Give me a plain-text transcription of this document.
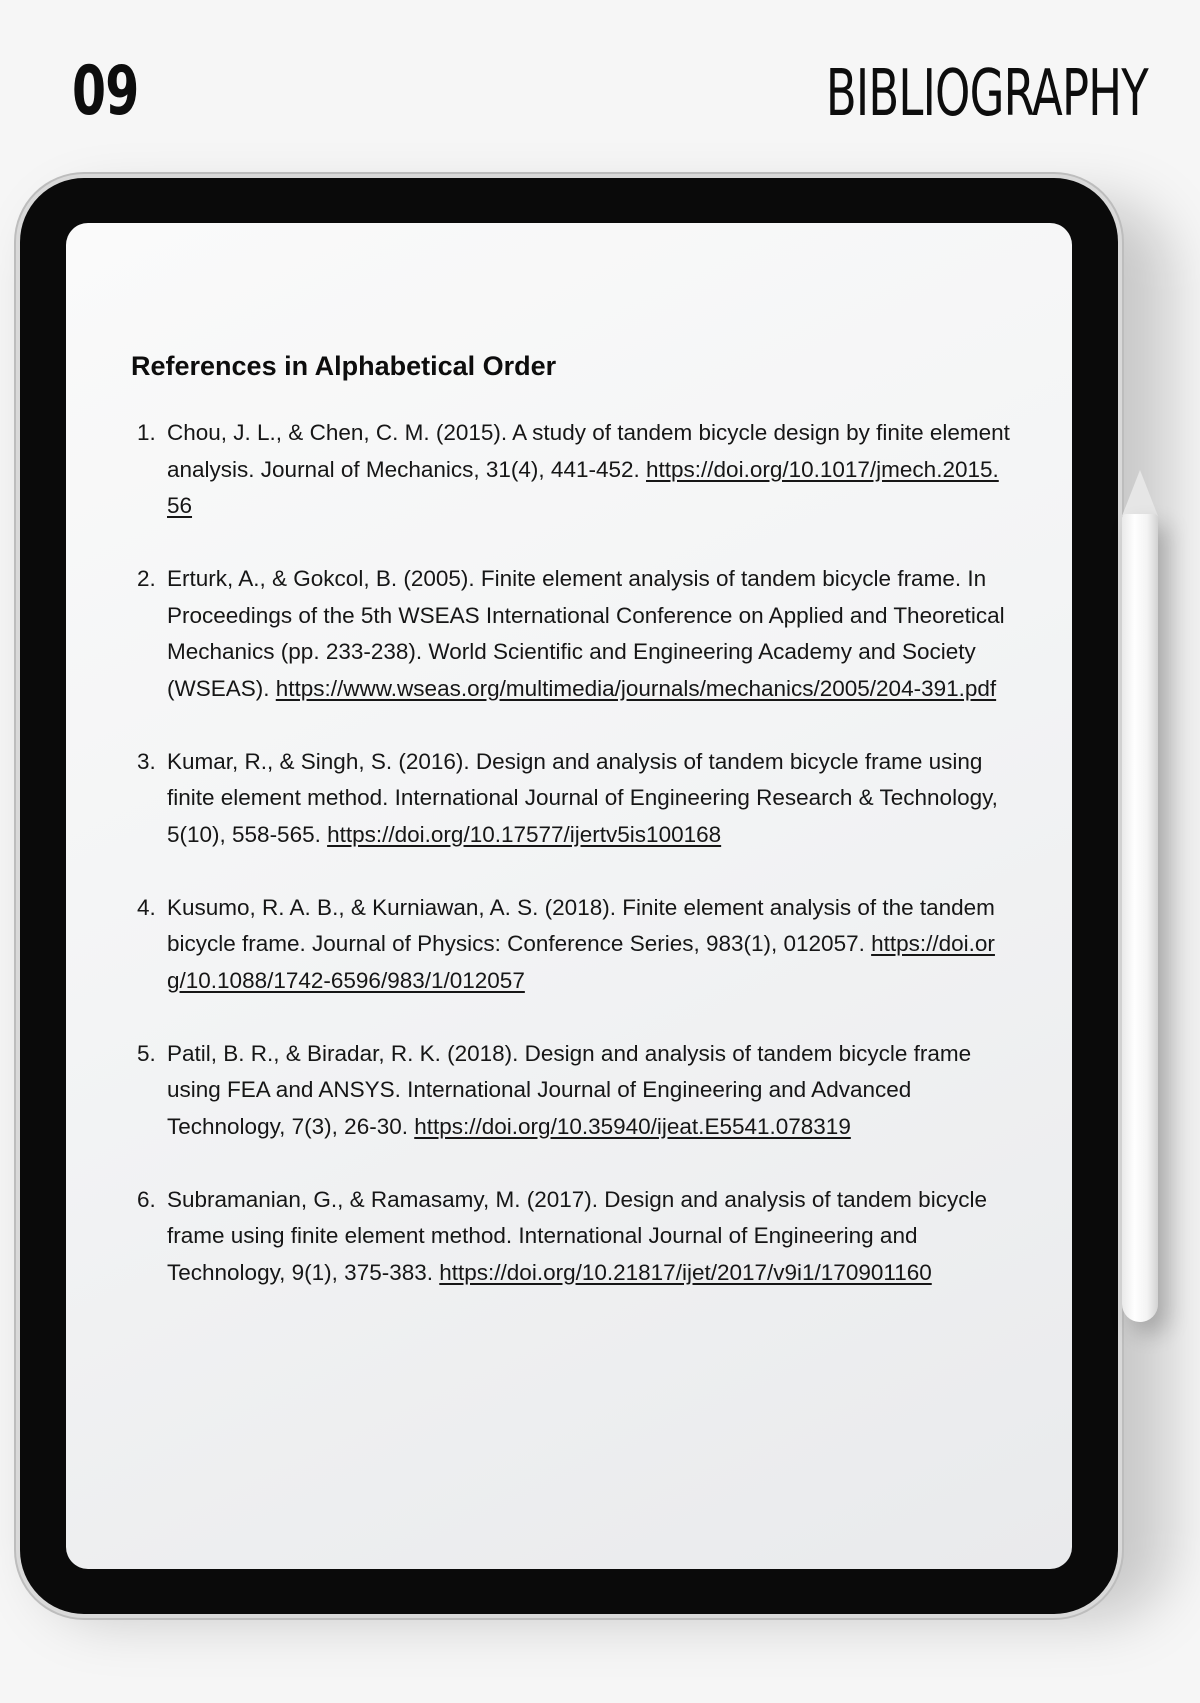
09	BIBLIOGRAPHY
References in Alphabetical Order
1. Chou, J. L., & Chen, C. M. (2015). A study of tandem bicycle design by finite element analysis. Journal of Mechanics, 31(4), 441-452. https://doi.org/10.1017/jmech.2015.56
2. Erturk, A., & Gokcol, B. (2005). Finite element analysis of tandem bicycle frame. In Proceedings of the 5th WSEAS International Conference on Applied and Theoretical Mechanics (pp. 233-238). World Scientific and Engineering Academy and Society (WSEAS). https://www.wseas.org/multimedia/journals/mechanics/2005/204-391.pdf
3. Kumar, R., & Singh, S. (2016). Design and analysis of tandem bicycle frame using finite element method. International Journal of Engineering Research & Technology, 5(10), 558-565. https://doi.org/10.17577/ijertv5is100168
4. Kusumo, R. A. B., & Kurniawan, A. S. (2018). Finite element analysis of the tandem bicycle frame. Journal of Physics: Conference Series, 983(1), 012057. https://doi.org/10.1088/1742-6596/983/1/012057
5. Patil, B. R., & Biradar, R. K. (2018). Design and analysis of tandem bicycle frame using FEA and ANSYS. International Journal of Engineering and Advanced Technology, 7(3), 26-30. https://doi.org/10.35940/ijeat.E5541.078319
6. Subramanian, G., & Ramasamy, M. (2017). Design and analysis of tandem bicycle frame using finite element method. International Journal of Engineering and Technology, 9(1), 375-383. https://doi.org/10.21817/ijet/2017/v9i1/170901160
